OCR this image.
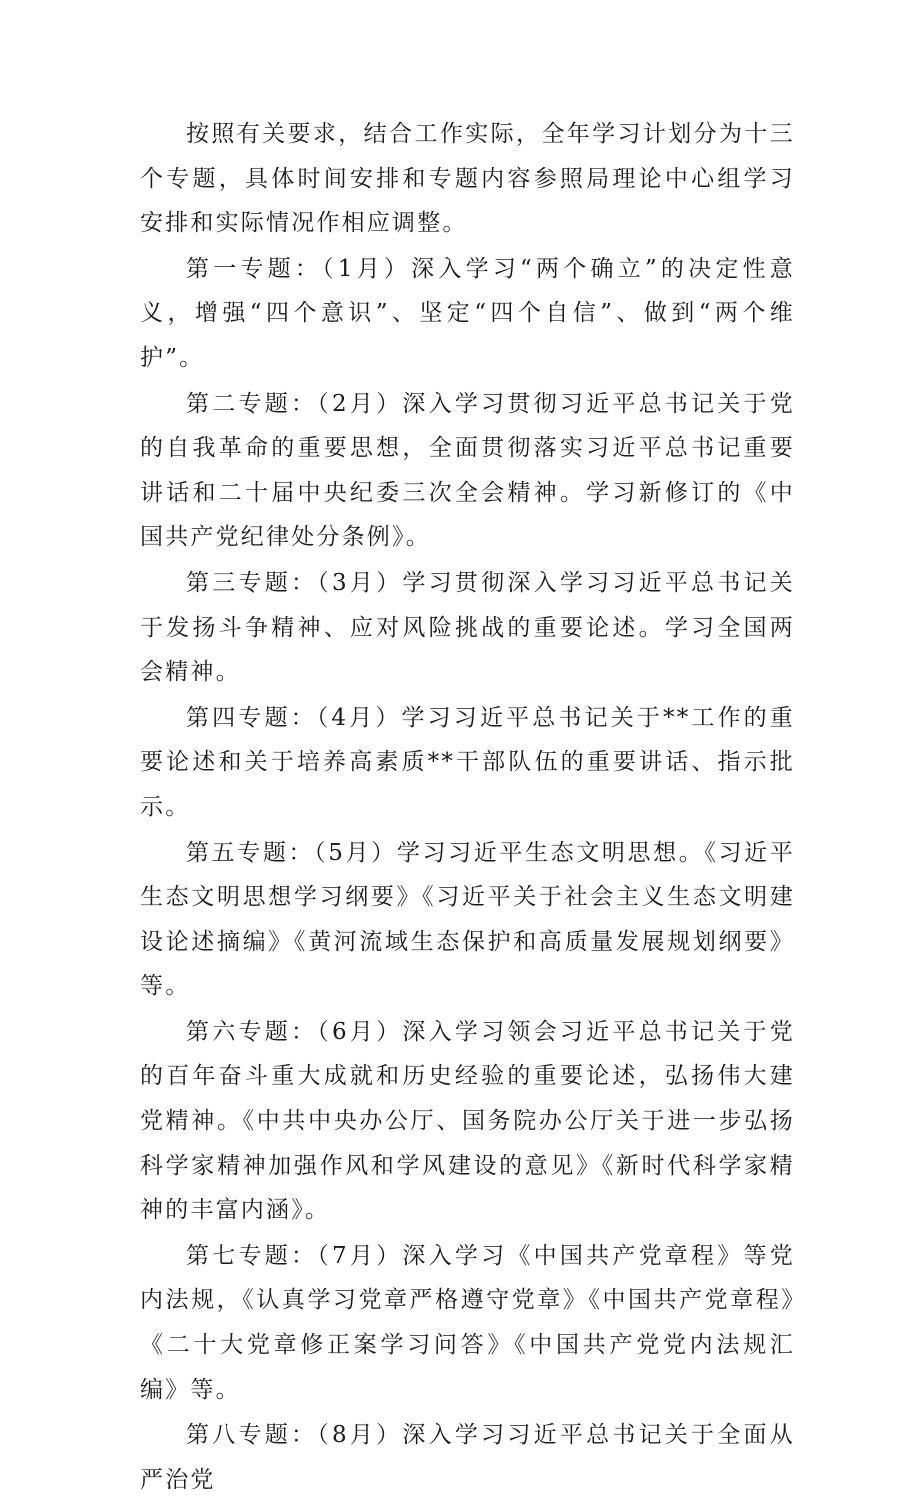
按照有关要求，结合工作实际，全年学习计划分为十三个专题，具体时间安排和专题内容参照局理论中心组学习安排和实际情况作相应调整。

第一专题：（1月）深入学习“两个确立”的决定性意义，增强“四个意识”、坚定“四个自信”、做到“两个维护”。

第二专题：（2月）深入学习贯彻习近平总书记关于党的自我革命的重要思想，全面贯彻落实习近平总书记重要讲话和二十届中央纪委三次全会精神。学习新修订的《中国共产党纪律处分条例》。

第三专题：（3月）学习贯彻深入学习习近平总书记关于发扬斗争精神、应对风险挑战的重要论述。学习全国两会精神。

第四专题：（4月）学习习近平总书记关于**工作的重要论述和关于培养高素质**干部队伍的重要讲话、指示批示。

第五专题：（5月）学习习近平生态文明思想。《习近平生态文明思想学习纲要》《习近平关于社会主义生态文明建设论述摘编》《黄河流域生态保护和高质量发展规划纲要》等。

第六专题：（6月）深入学习领会习近平总书记关于党的百年奋斗重大成就和历史经验的重要论述，弘扬伟大建党精神。《中共中央办公厅、国务院办公厅关于进一步弘扬科学家精神加强作风和学风建设的意见》《新时代科学家精神的丰富内涵》。

第七专题：（7月）深入学习《中国共产党章程》等党内法规，《认真学习党章严格遵守党章》《中国共产党章程》《二十大党章修正案学习问答》《中国共产党党内法规汇编》等。

第八专题：（8月）深入学习习近平总书记关于全面从严治党
